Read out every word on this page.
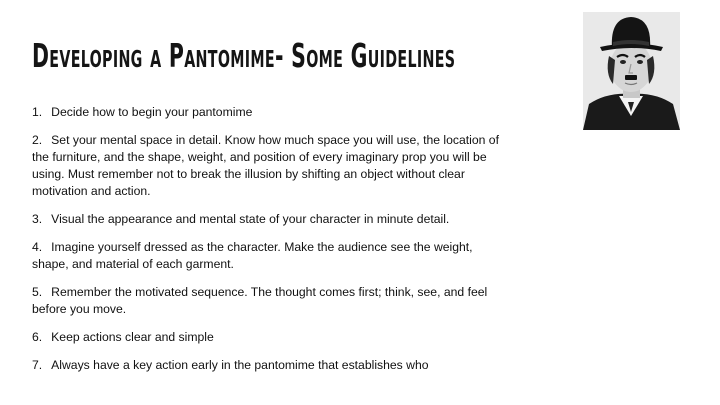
Developing a Pantomime- Some Guidelines
1. Decide how to begin your pantomime
2. Set your mental space in detail. Know how much space you will use, the location of the furniture, and the shape, weight, and position of every imaginary prop you will be using. Must remember not to break the illusion by shifting an object without clear motivation and action.
3. Visual the appearance and mental state of your character in minute detail.
4. Imagine yourself dressed as the character. Make the audience see the weight, shape, and material of each garment.
5. Remember the motivated sequence. The thought comes first; think, see, and feel before you move.
6. Keep actions clear and simple
7. Always have a key action early in the pantomime that establishes who
